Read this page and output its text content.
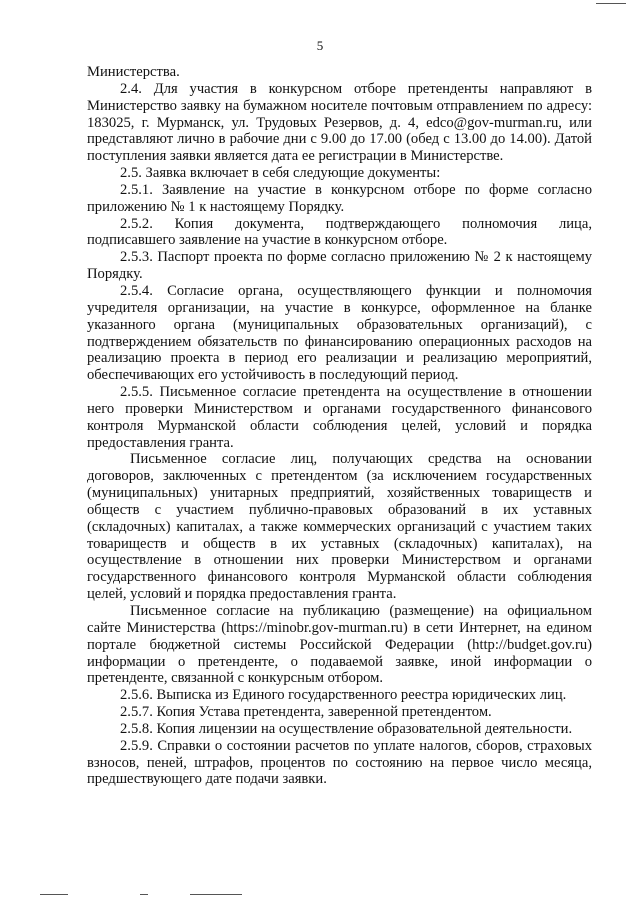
5

Министерства.

2.4. Для участия в конкурсном отборе претенденты направляют в Министерство заявку на бумажном носителе почтовым отправлением по адресу: 183025, г. Мурманск, ул. Трудовых Резервов, д. 4, edco@gov-murman.ru, или представляют лично в рабочие дни с 9.00 до 17.00 (обед с 13.00 до 14.00). Датой поступления заявки является дата ее регистрации в Министерстве.

2.5. Заявка включает в себя следующие документы:

2.5.1. Заявление на участие в конкурсном отборе по форме согласно приложению № 1 к настоящему Порядку.

2.5.2. Копия документа, подтверждающего полномочия лица, подписавшего заявление на участие в конкурсном отборе.

2.5.3. Паспорт проекта по форме согласно приложению № 2 к настоящему Порядку.

2.5.4. Согласие органа, осуществляющего функции и полномочия учредителя организации, на участие в конкурсе, оформленное на бланке указанного органа (муниципальных образовательных организаций), с подтверждением обязательств по финансированию операционных расходов на реализацию проекта в период его реализации и реализацию мероприятий, обеспечивающих его устойчивость в последующий период.

2.5.5. Письменное согласие претендента на осуществление в отношении него проверки Министерством и органами государственного финансового контроля Мурманской области соблюдения целей, условий и порядка предоставления гранта.

Письменное согласие лиц, получающих средства на основании договоров, заключенных с претендентом (за исключением государственных (муниципальных) унитарных предприятий, хозяйственных товариществ и обществ с участием публично-правовых образований в их уставных (складочных) капиталах, а также коммерческих организаций с участием таких товариществ и обществ в их уставных (складочных) капиталах), на осуществление в отношении них проверки Министерством и органами государственного финансового контроля Мурманской области соблюдения целей, условий и порядка предоставления гранта.

Письменное согласие на публикацию (размещение) на официальном сайте Министерства (https://minobr.gov-murman.ru) в сети Интернет, на едином портале бюджетной системы Российской Федерации (http://budget.gov.ru) информации о претенденте, о подаваемой заявке, иной информации о претенденте, связанной с конкурсным отбором.

2.5.6. Выписка из Единого государственного реестра юридических лиц.

2.5.7. Копия Устава претендента, заверенной претендентом.

2.5.8. Копия лицензии на осуществление образовательной деятельности.

2.5.9. Справки о состоянии расчетов по уплате налогов, сборов, страховых взносов, пеней, штрафов, процентов по состоянию на первое число месяца, предшествующего дате подачи заявки.
